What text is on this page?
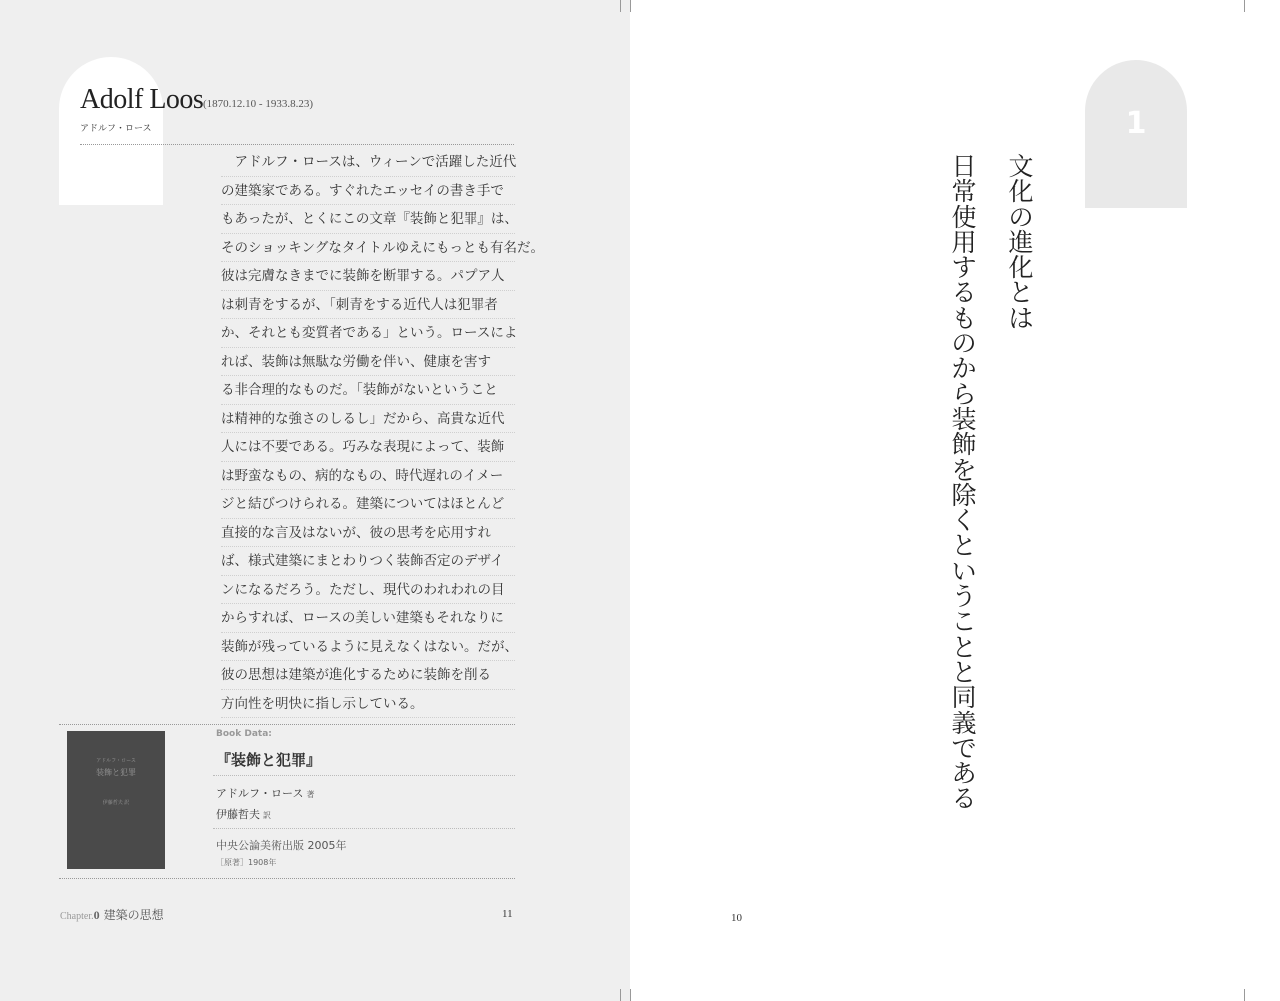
Adolf Loos (1870.12.10 - 1933.8.23)
アドルフ・ロース
　アドルフ・ロースは、ウィーンで活躍した近代
の建築家である。すぐれたエッセイの書き手で
もあったが、とくにこの文章『装飾と犯罪』は、
そのショッキングなタイトルゆえにもっとも有名だ。
彼は完膚なきまでに装飾を断罪する。パプア人
は刺青をするが、「刺青をする近代人は犯罪者
か、それとも変質者である」という。ロースによ
れば、装飾は無駄な労働を伴い、健康を害す
る非合理的なものだ。「装飾がないということ
は精神的な強さのしるし」だから、高貴な近代
人には不要である。巧みな表現によって、装飾
は野蛮なもの、病的なもの、時代遅れのイメー
ジと結びつけられる。建築についてはほとんど
直接的な言及はないが、彼の思考を応用すれ
ば、様式建築にまとわりつく装飾否定のデザイ
ンになるだろう。ただし、現代のわれわれの目
からすれば、ロースの美しい建築もそれなりに
装飾が残っているように見えなくはない。だが、
彼の思想は建築が進化するために装飾を削る
方向性を明快に指し示している。
アドルフ・ロース
装飾と犯罪
伊藤哲夫 訳
Book Data:
『装飾と犯罪』
アドルフ・ロース 著
伊藤哲夫 訳
中央公論美術出版 2005年
［原著］1908年
Chapter.0 建築の思想	11
1
文化の進化とは
日常使用するものから装飾を除くということと同義である
10
